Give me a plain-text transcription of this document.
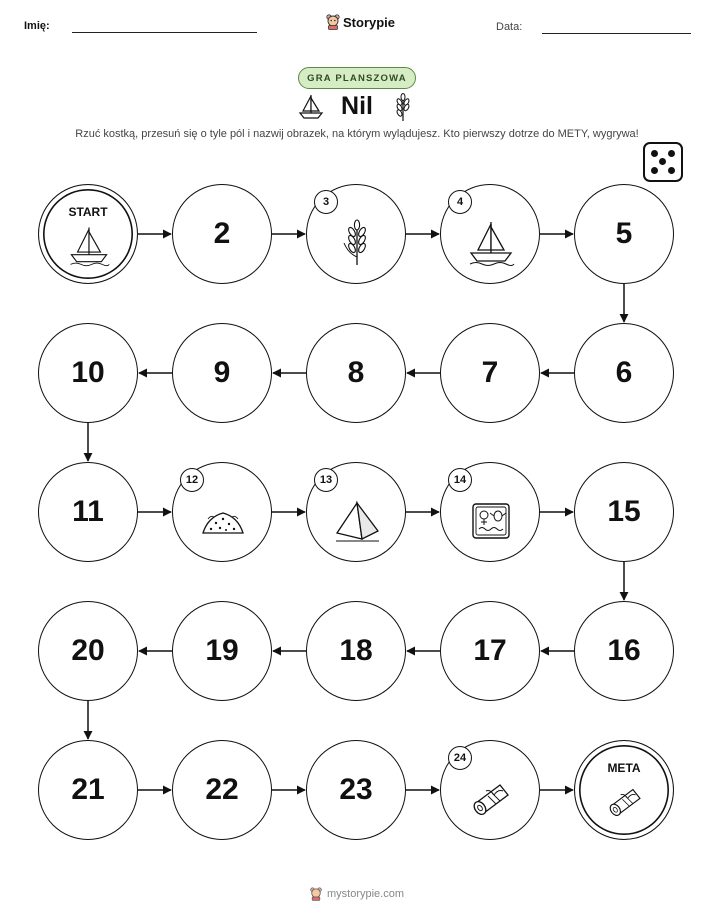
Imię:	Storypie	Data:
GRA PLANSZOWA
Nil
Rzuć kostką, przesuń się o tyle pól i nazwij obrazek, na którym wylądujesz. Kto pierwszy dotrze do METY, wygrywa!
START
2
3	4
5
6
7
8
9
10
11
12	13	14
15
16
17
18
19
20
21	22	23
24
META
mystorypie.com
